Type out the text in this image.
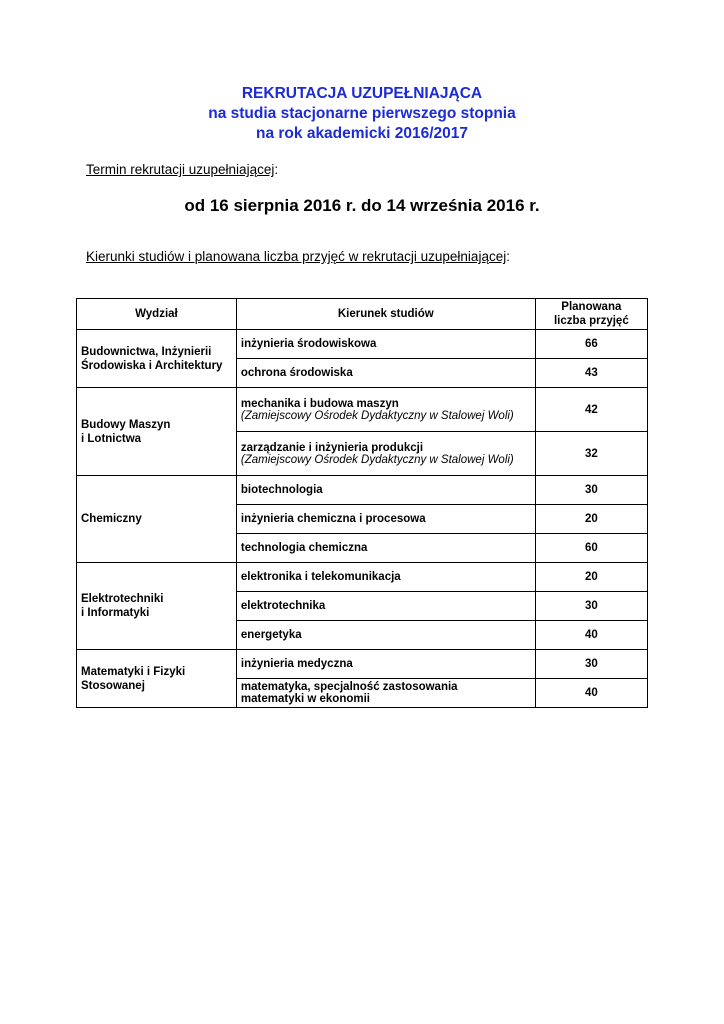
REKRUTACJA UZUPEŁNIAJĄCA
na studia stacjonarne pierwszego stopnia
na rok akademicki 2016/2017
Termin rekrutacji uzupełniającej:
od 16 sierpnia 2016 r. do 14 września 2016 r.
Kierunki studiów i planowana liczba przyjęć w rekrutacji uzupełniającej:
Wydział	Kierunek studiów	Planowana
liczba przyjęć

Budownictwa, Inżynierii
Środowiska i Architektury	inżynieria środowiskowa	66

	ochrona środowiska	43

Budowy Maszyn
i Lotnictwa	mechanika i budowa maszyn
(Zamiejscowy Ośrodek Dydaktyczny w Stalowej Woli)	42

	zarządzanie i inżynieria produkcji
(Zamiejscowy Ośrodek Dydaktyczny w Stalowej Woli)	32

Chemiczny	biotechnologia	30

	inżynieria chemiczna i procesowa	20

	technologia chemiczna	60

Elektrotechniki
i Informatyki	elektronika i telekomunikacja	20

	elektrotechnika	30

	energetyka	40

Matematyki i Fizyki
Stosowanej	inżynieria medyczna	30

	matematyka, specjalność zastosowania
matematyki w ekonomii	40
